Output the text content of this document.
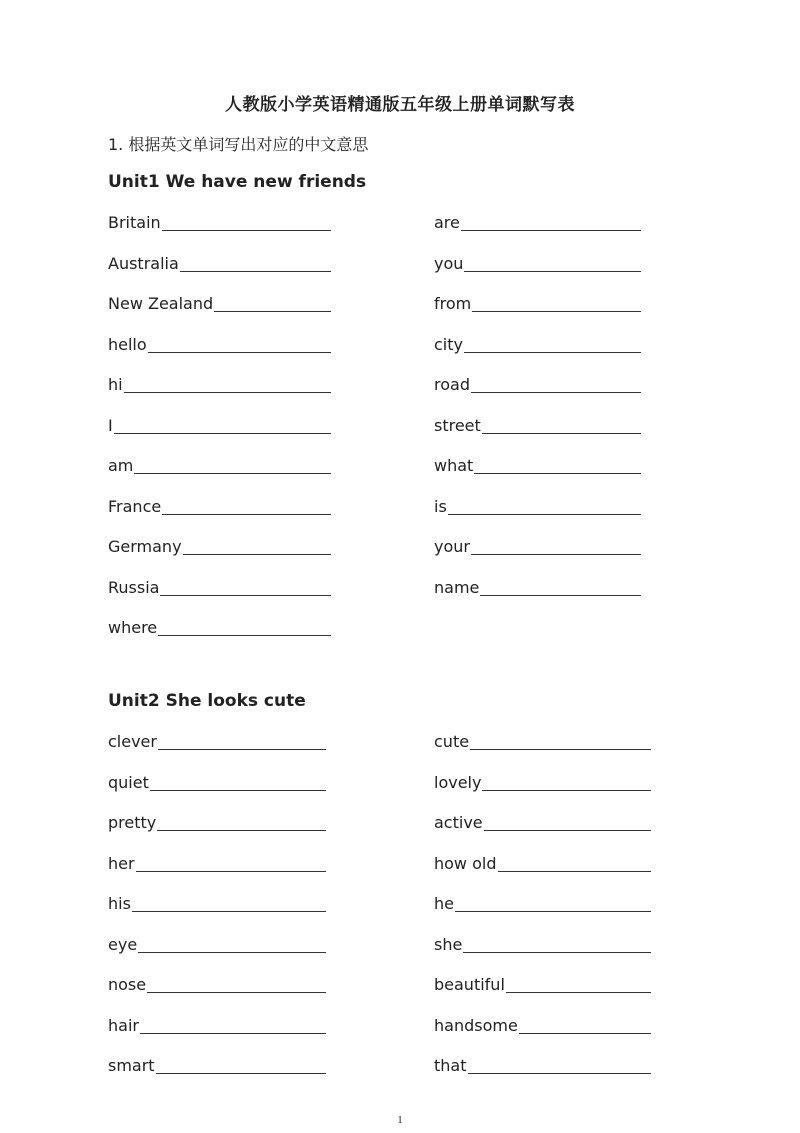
人教版小学英语精通版五年级上册单词默写表
1. 根据英文单词写出对应的中文意思
Unit1 We have new friends
Britain
Australia
New Zealand
hello
hi
I
am
France
Germany
Russia
where
are
you
from
city
road
street
what
is
your
name
Unit2 She looks cute
clever
quiet
pretty
her
his
eye
nose
hair
smart
cute
lovely
active
how old
he
she
beautiful
handsome
that
1
